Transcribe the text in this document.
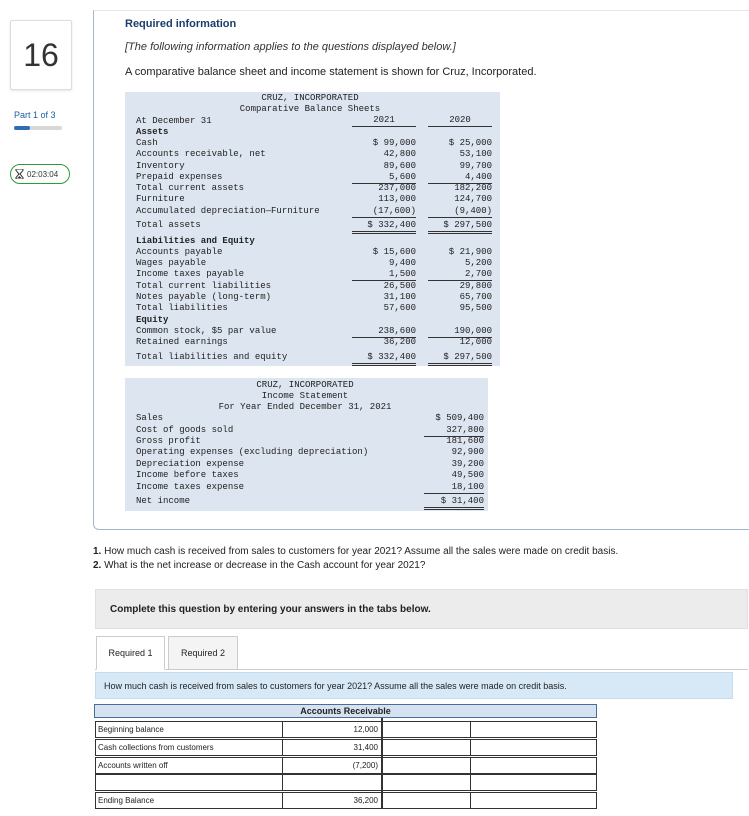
16
Part 1 of 3
02:03:04
Required information
[The following information applies to the questions displayed below.]
A comparative balance sheet and income statement is shown for Cruz, Incorporated.
CRUZ, INCORPORATED
Comparative Balance Sheets
At December 31	2021	2020
Assets
Cash	$ 99,000	$ 25,000
Accounts receivable, net	42,800	53,100
Inventory	89,600	99,700
Prepaid expenses	5,600	4,400
Total current assets	237,000	182,200
Furniture	113,000	124,700
Accumulated depreciation—Furniture	(17,600)	(9,400)
Total assets	$ 332,400	$ 297,500
Liabilities and Equity
Accounts payable	$ 15,600	$ 21,900
Wages payable	9,400	5,200
Income taxes payable	1,500	2,700
Total current liabilities	26,500	29,800
Notes payable (long-term)	31,100	65,700
Total liabilities	57,600	95,500
Equity
Common stock, $5 par value	238,600	190,000
Retained earnings	36,200	12,000
Total liabilities and equity	$ 332,400	$ 297,500
CRUZ, INCORPORATED
Income Statement
For Year Ended December 31, 2021
Sales	$ 509,400
Cost of goods sold	327,800
Gross profit	181,600
Operating expenses (excluding depreciation)	92,900
Depreciation expense	39,200
Income before taxes	49,500
Income taxes expense	18,100
Net income	$ 31,400
1. How much cash is received from sales to customers for year 2021? Assume all the sales were made on credit basis.
2. What is the net increase or decrease in the Cash account for year 2021?
Complete this question by entering your answers in the tabs below.
Required 1	Required 2
How much cash is received from sales to customers for year 2021? Assume all the sales were made on credit basis.
Accounts Receivable
Beginning balance	12,000
Cash collections from customers	31,400
Accounts written off	(7,200)
Ending Balance	36,200
